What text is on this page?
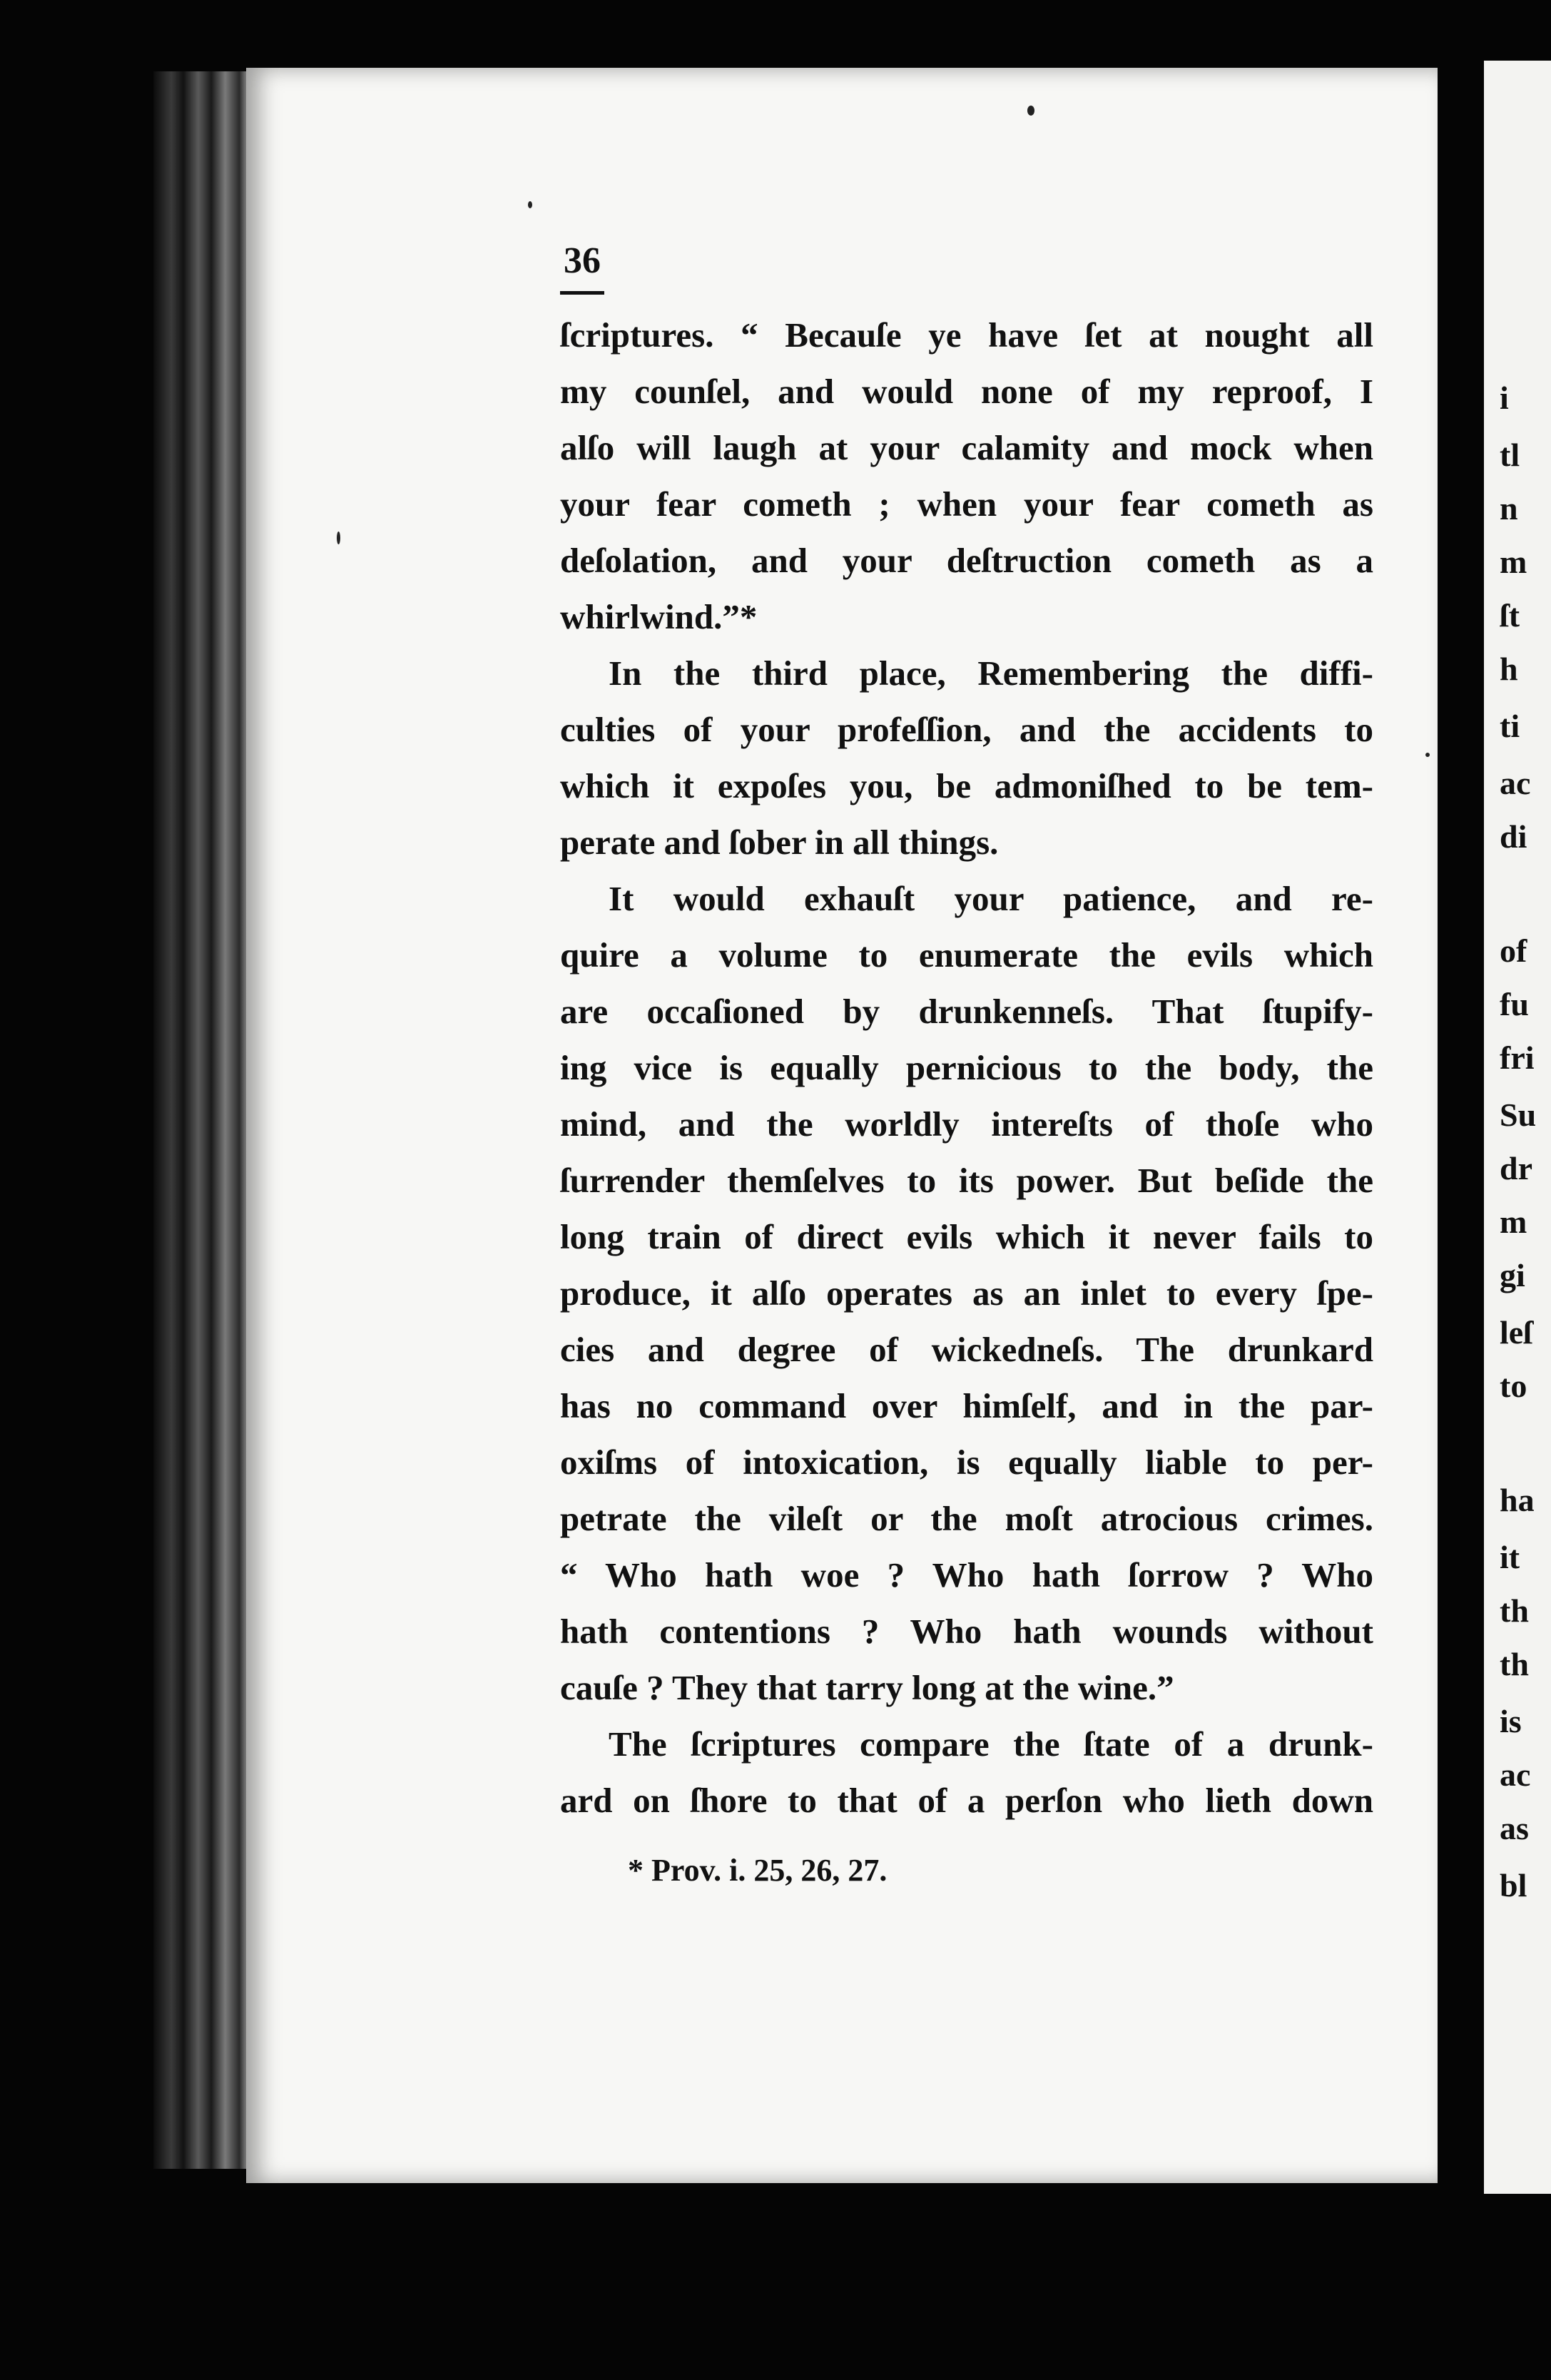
i
tl
n
m
ſt
h
ti
ac
di
of
fu
fri
Su
dr
m
gi
leſ
to
ha
it
th
th
is
ac
as
bl
36
ſcriptures. “ Becauſe ye have ſet at nought all
my counſel, and would none of my reproof, I
alſo will laugh at your calamity and mock when
your fear cometh ; when your fear cometh as
deſolation, and your deſtruction cometh as a
whirlwind.”*
In the third place, Remembering the diffi-
culties of your profeſſion, and the accidents to
which it expoſes you, be admoniſhed to be tem-
perate and ſober in all things.
It would exhauſt your patience, and re-
quire a volume to enumerate the evils which
are occaſioned by drunkenneſs. That ſtupify-
ing vice is equally pernicious to the body, the
mind, and the worldly intereſts of thoſe who
ſurrender themſelves to its power. But beſide the
long train of direct evils which it never fails to
produce, it alſo operates as an inlet to every ſpe-
cies and degree of wickedneſs. The drunkard
has no command over himſelf, and in the par-
oxiſms of intoxication, is equally liable to per-
petrate the vileſt or the moſt atrocious crimes.
“ Who hath woe ? Who hath ſorrow ? Who
hath contentions ? Who hath wounds without
cauſe ? They that tarry long at the wine.”
The ſcriptures compare the ſtate of a drunk-
ard on ſhore to that of a perſon who lieth down
* Prov. i. 25, 26, 27.
